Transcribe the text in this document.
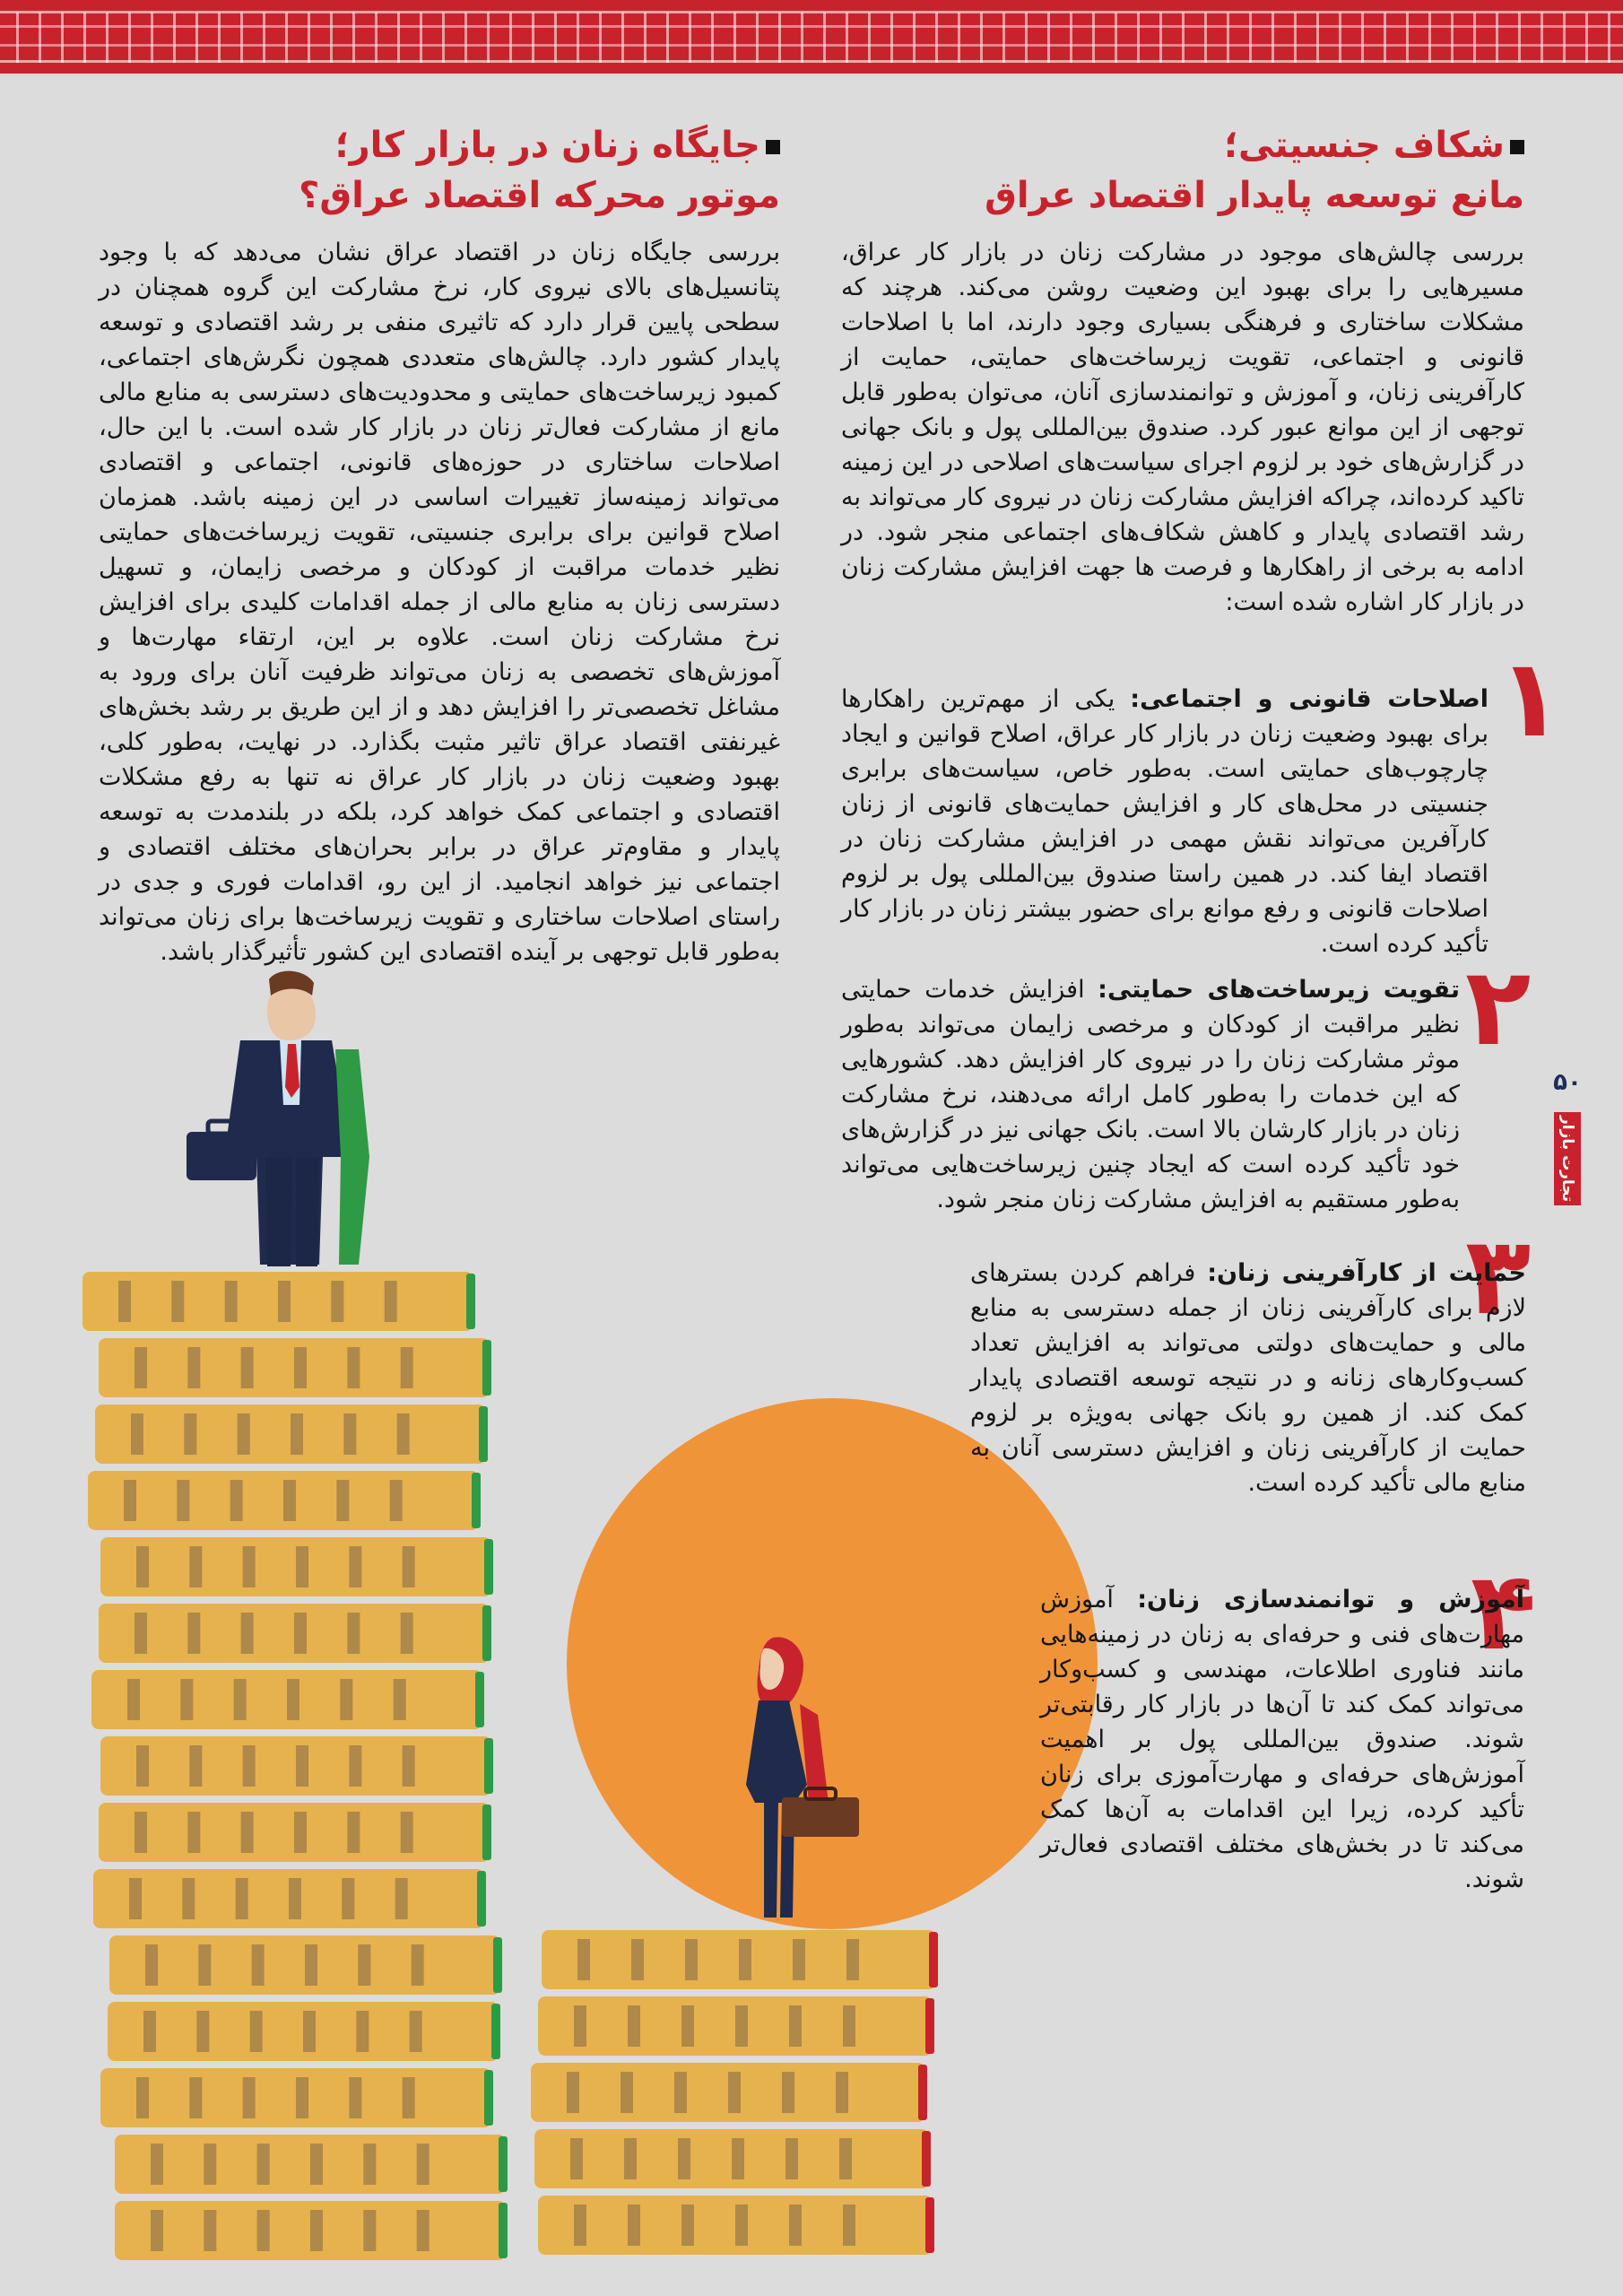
شکاف جنسیتی؛
مانع توسعه پایدار اقتصاد عراق
جایگاه زنان در بازار کار؛
موتور محرکه اقتصاد عراق؟

بررسی چالش‌های موجود در مشارکت زنان در بازار کار عراق، مسیرهایی را برای بهبود این وضعیت روشن می‌کند. هرچند که مشکلات ساختاری و فرهنگی بسیاری وجود دارند، اما با اصلاحات قانونی و اجتماعی، تقویت زیرساخت‌های حمایتی، حمایت از کارآفرینی زنان، و آموزش و توانمندسازی آنان، می‌توان به‌طور قابل توجهی از این موانع عبور کرد. صندوق بین‌المللی پول و بانک جهانی در گزارش‌های خود بر لزوم اجرای سیاست‌های اصلاحی در این زمینه تاکید کرده‌اند، چراکه افزایش مشارکت زنان در نیروی کار می‌تواند به رشد اقتصادی پایدار و کاهش شکاف‌های اجتماعی منجر شود. در ادامه به برخی از راهکارها و فرصت ها جهت افزایش مشارکت زنان در بازار کار اشاره شده است:

۱

اصلاحات قانونی و اجتماعی: یکی از مهم‌ترین راهکارها برای بهبود وضعیت زنان در بازار کار عراق، اصلاح قوانین و ایجاد چارچوب‌های حمایتی است. به‌طور خاص، سیاست‌های برابری جنسیتی در محل‌های کار و افزایش حمایت‌های قانونی از زنان کارآفرین می‌تواند نقش مهمی در افزایش مشارکت زنان در اقتصاد ایفا کند. در همین راستا صندوق بین‌المللی پول بر لزوم اصلاحات قانونی و رفع موانع برای حضور بیشتر زنان در بازار کار تأکید کرده است.

۲

تقویت زیرساخت‌های حمایتی: افزایش خدمات حمایتی نظیر مراقبت از کودکان و مرخصی زایمان می‌تواند به‌طور موثر مشارکت زنان را در نیروی کار افزایش دهد. کشورهایی که این خدمات را به‌طور کامل ارائه می‌دهند، نرخ مشارکت زنان در بازار کارشان بالا است. بانک جهانی نیز در گزارش‌های خود تأکید کرده است که ایجاد چنین زیرساخت‌هایی می‌تواند به‌طور مستقیم به افزایش مشارکت زنان منجر شود.

۳

حمایت از کارآفرینی زنان: فراهم کردن بسترهای لازم برای کارآفرینی زنان از جمله دسترسی به منابع مالی و حمایت‌های دولتی می‌تواند به افزایش تعداد کسب‌وکارهای زنانه و در نتیجه توسعه اقتصادی پایدار کمک کند. از همین رو بانک جهانی به‌ویژه بر لزوم حمایت از کارآفرینی زنان و افزایش دسترسی آنان به منابع مالی تأکید کرده است.

۴

آموزش و توانمندسازی زنان: آموزش مهارت‌های فنی و حرفه‌ای به زنان در زمینه‌هایی مانند فناوری اطلاعات، مهندسی و کسب‌وکار می‌تواند کمک کند تا آن‌ها در بازار کار رقابتی‌تر شوند. صندوق بین‌المللی پول بر اهمیت آموزش‌های حرفه‌ای و مهارت‌آموزی برای زنان تأکید کرده، زیرا این اقدامات به آن‌ها کمک می‌کند تا در بخش‌های مختلف اقتصادی فعال‌تر شوند.

بررسی جایگاه زنان در اقتصاد عراق نشان می‌دهد که با وجود پتانسیل‌های بالای نیروی کار، نرخ مشارکت این گروه همچنان در سطحی پایین قرار دارد که تاثیری منفی بر رشد اقتصادی و توسعه پایدار کشور دارد. چالش‌های متعددی همچون نگرش‌های اجتماعی، کمبود زیرساخت‌های حمایتی و محدودیت‌های دسترسی به منابع مالی مانع از مشارکت فعال‌تر زنان در بازار کار شده است. با این حال، اصلاحات ساختاری در حوزه‌های قانونی، اجتماعی و اقتصادی می‌تواند زمینه‌ساز تغییرات اساسی در این زمینه باشد. همزمان اصلاح قوانین برای برابری جنسیتی، تقویت زیرساخت‌های حمایتی نظیر خدمات مراقبت از کودکان و مرخصی زایمان، و تسهیل دسترسی زنان به منابع مالی از جمله اقدامات کلیدی برای افزایش نرخ مشارکت زنان است. علاوه بر این، ارتقاء مهارت‌ها و آموزش‌های تخصصی به زنان می‌تواند ظرفیت آنان برای ورود به مشاغل تخصصی‌تر را افزایش دهد و از این طریق بر رشد بخش‌های غیرنفتی اقتصاد عراق تاثیر مثبت بگذارد. در نهایت، به‌طور کلی، بهبود وضعیت زنان در بازار کار عراق نه تنها به رفع مشکلات اقتصادی و اجتماعی کمک خواهد کرد، بلکه در بلندمدت به توسعه پایدار و مقاوم‌تر عراق در برابر بحران‌های مختلف اقتصادی و اجتماعی نیز خواهد انجامید. از این رو، اقدامات فوری و جدی در راستای اصلاحات ساختاری و تقویت زیرساخت‌ها برای زنان می‌تواند به‌طور قابل توجهی بر آینده اقتصادی این کشور تأثیرگذار باشد.

۵۰
تجارت بازار
